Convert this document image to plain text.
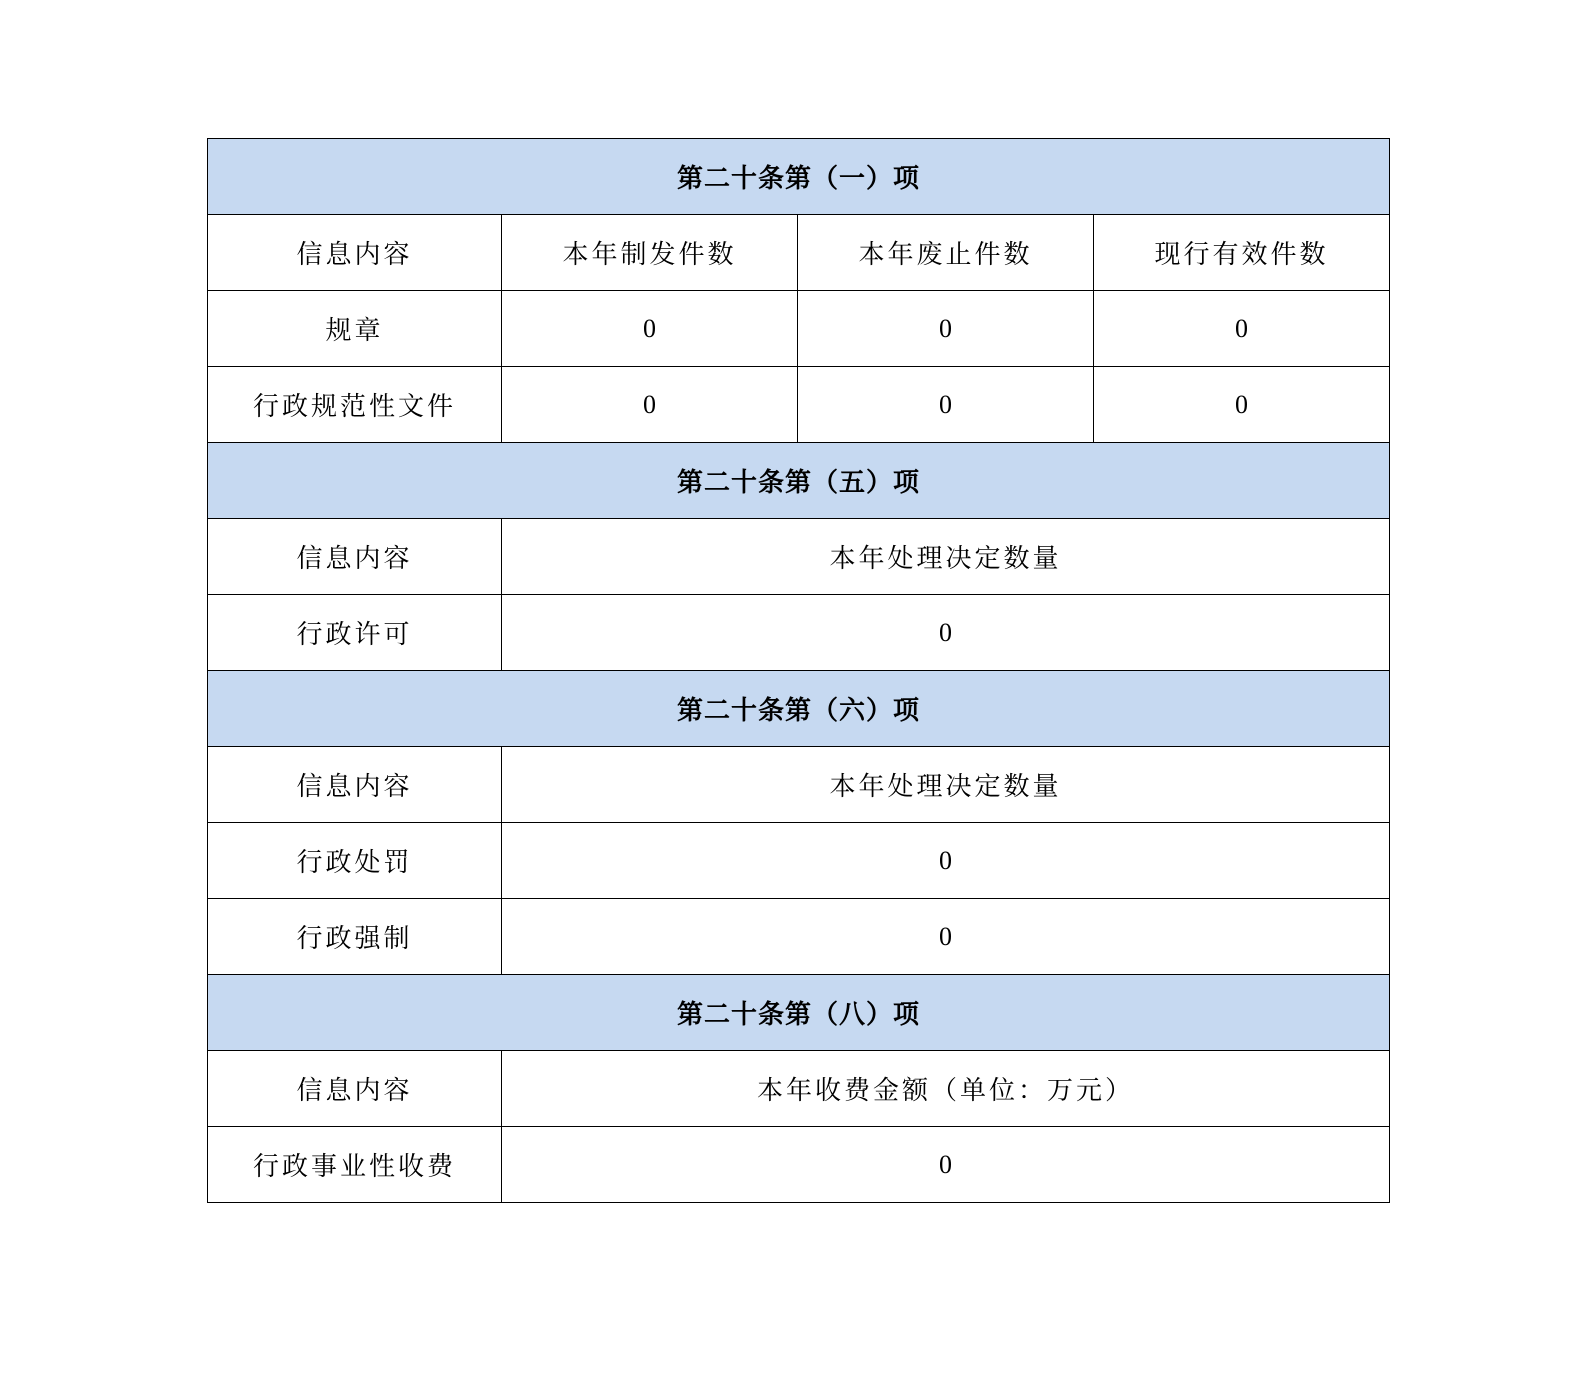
第二十条第（一）项			
信息内容	本年制发件数	本年废止件数	现行有效件数
规章	0	0	0
行政规范性文件	0	0	0
第二十条第（五）项			
信息内容	本年处理决定数量		
行政许可	0		
第二十条第（六）项			
信息内容	本年处理决定数量		
行政处罚	0		
行政强制	0		
第二十条第（八）项			
信息内容	本年收费金额（单位：万元）		
行政事业性收费	0		
